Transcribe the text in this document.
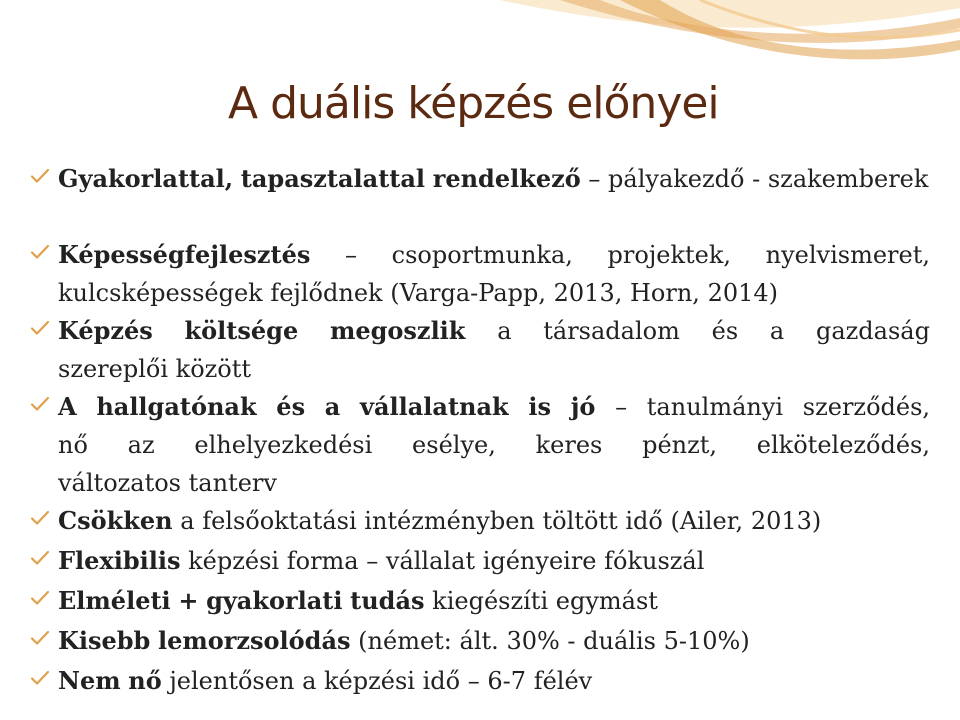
A duális képzés előnyei
Gyakorlattal, tapasztalattal rendelkező – pályakezdő - szakemberek
Képességfejlesztés – csoportmunka, projektek, nyelvismeret,
kulcsképességek fejlődnek (Varga-Papp, 2013, Horn, 2014)
Képzés költsége megoszlik a társadalom és a gazdaság
szereplői között
A hallgatónak és a vállalatnak is jó – tanulmányi szerződés,
nő az elhelyezkedési esélye, keres pénzt, elköteleződés,
változatos tanterv
Csökken a felsőoktatási intézményben töltött idő (Ailer, 2013)
Flexibilis képzési forma – vállalat igényeire fókuszál
Elméleti + gyakorlati tudás kiegészíti egymást
Kisebb lemorzsolódás (német: ált. 30% - duális 5-10%)
Nem nő jelentősen a képzési idő – 6-7 félév
